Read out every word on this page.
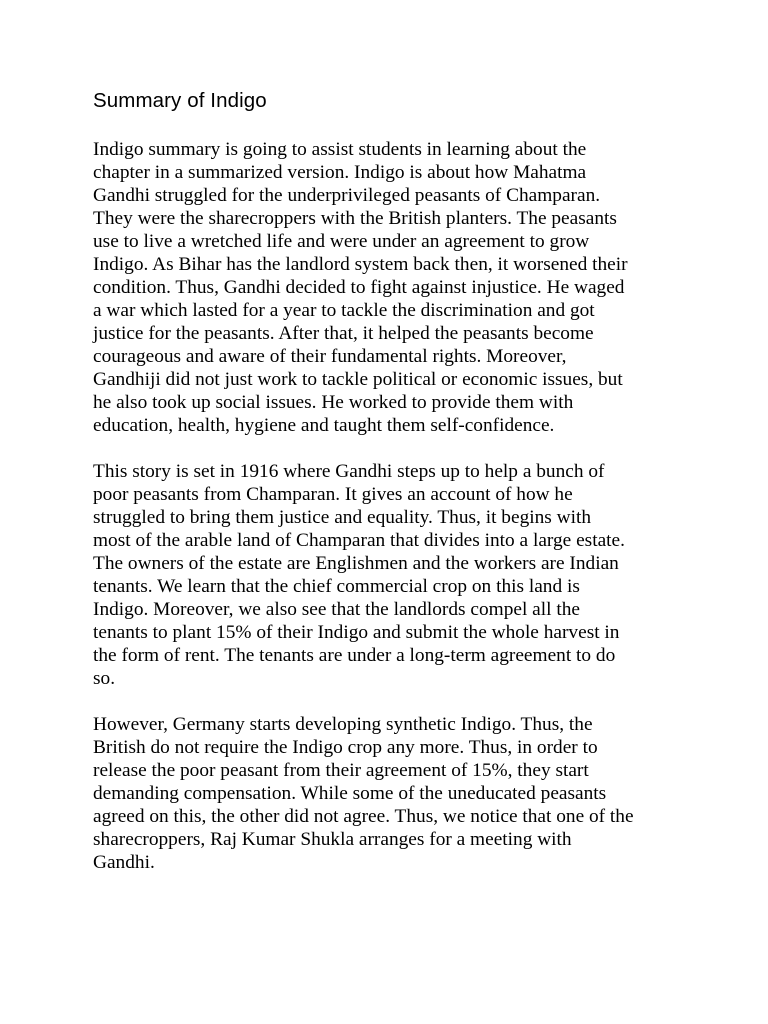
Summary of Indigo

Indigo summary is going to assist students in learning about the
chapter in a summarized version. Indigo is about how Mahatma
Gandhi struggled for the underprivileged peasants of Champaran.
They were the sharecroppers with the British planters. The peasants
use to live a wretched life and were under an agreement to grow
Indigo. As Bihar has the landlord system back then, it worsened their
condition. Thus, Gandhi decided to fight against injustice. He waged
a war which lasted for a year to tackle the discrimination and got
justice for the peasants. After that, it helped the peasants become
courageous and aware of their fundamental rights. Moreover,
Gandhiji did not just work to tackle political or economic issues, but
he also took up social issues. He worked to provide them with
education, health, hygiene and taught them self-confidence.

This story is set in 1916 where Gandhi steps up to help a bunch of
poor peasants from Champaran. It gives an account of how he
struggled to bring them justice and equality. Thus, it begins with
most of the arable land of Champaran that divides into a large estate.
The owners of the estate are Englishmen and the workers are Indian
tenants. We learn that the chief commercial crop on this land is
Indigo. Moreover, we also see that the landlords compel all the
tenants to plant 15% of their Indigo and submit the whole harvest in
the form of rent. The tenants are under a long-term agreement to do
so.

However, Germany starts developing synthetic Indigo. Thus, the
British do not require the Indigo crop any more. Thus, in order to
release the poor peasant from their agreement of 15%, they start
demanding compensation. While some of the uneducated peasants
agreed on this, the other did not agree. Thus, we notice that one of the
sharecroppers, Raj Kumar Shukla arranges for a meeting with
Gandhi.
